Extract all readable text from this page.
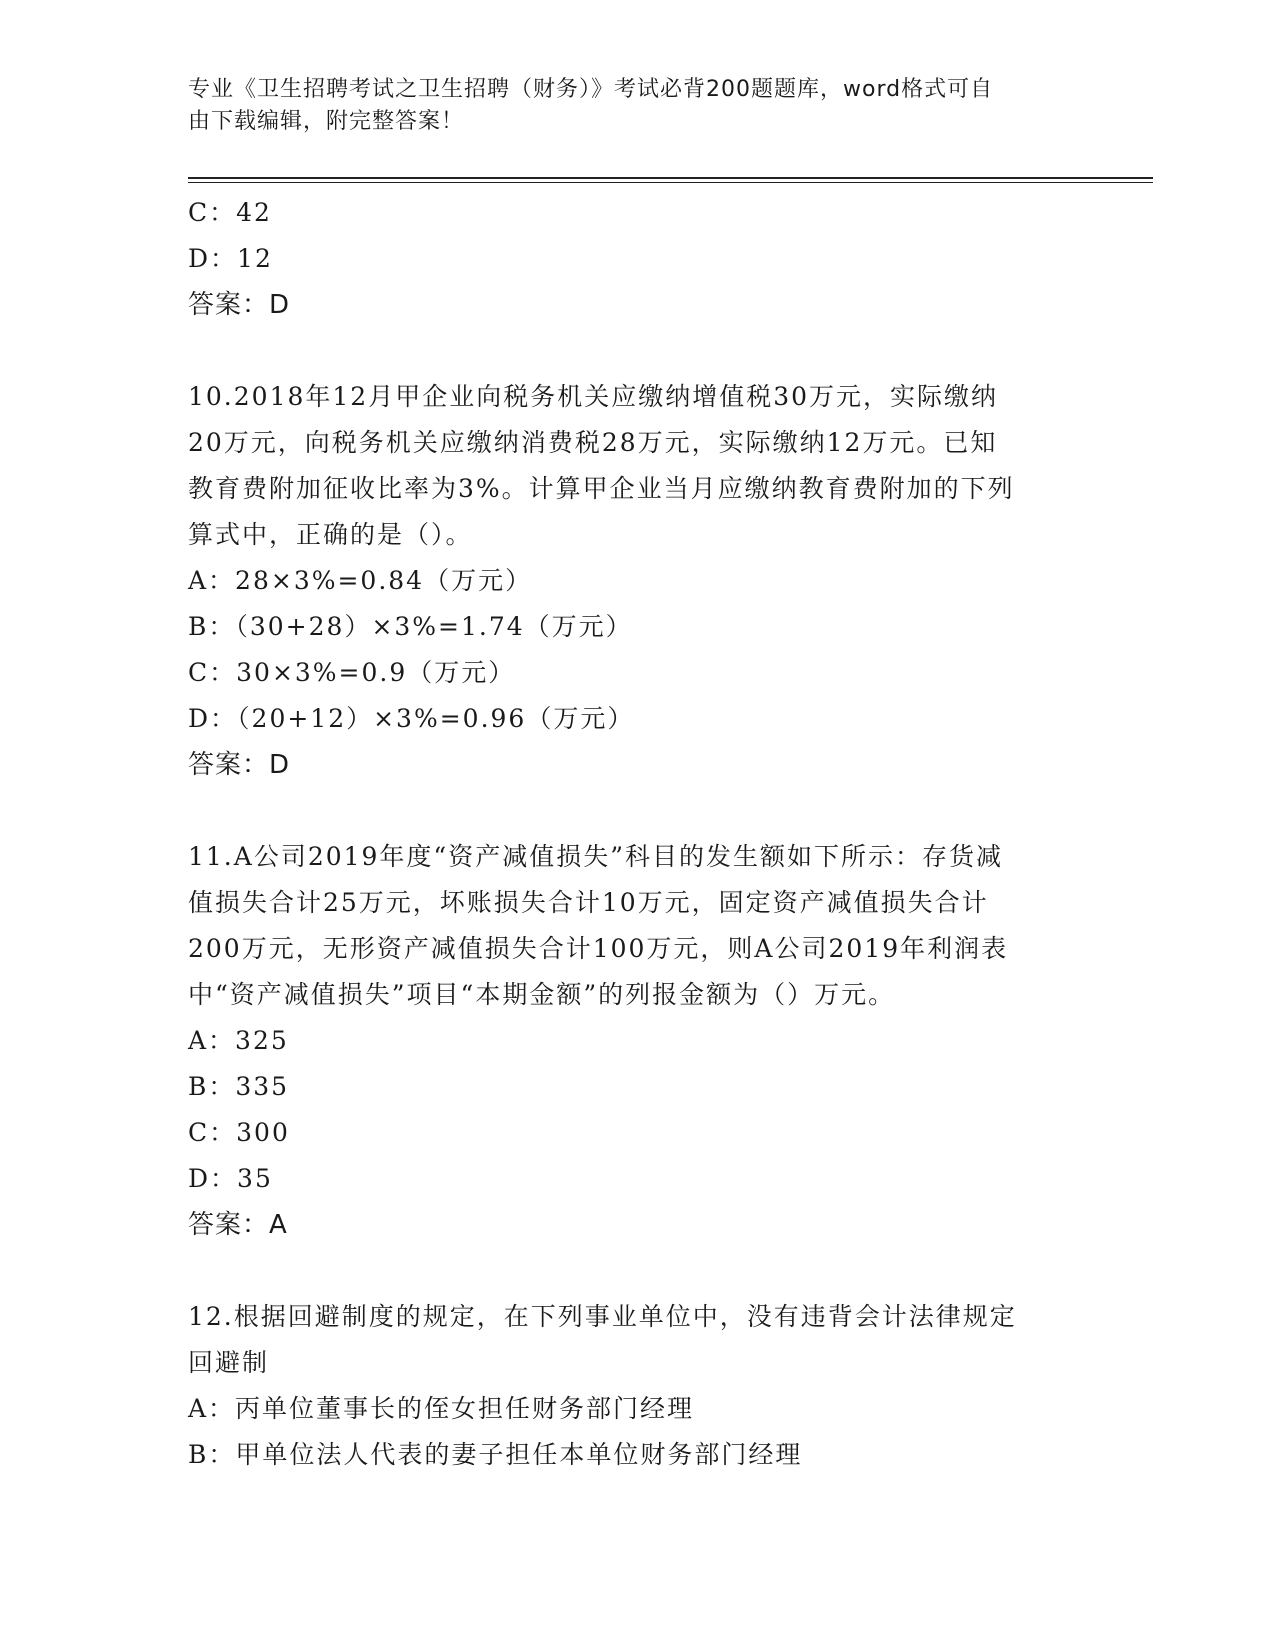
专业《卫生招聘考试之卫生招聘（财务）》考试必背200题题库，word格式可自
由下载编辑，附完整答案！
C：42
D：12
答案：D
10.2018年12月甲企业向税务机关应缴纳增值税30万元，实际缴纳
20万元，向税务机关应缴纳消费税28万元，实际缴纳12万元。已知
教育费附加征收比率为3%。计算甲企业当月应缴纳教育费附加的下列
算式中，正确的是（）。
A：28×3%=0.84（万元）
B：（30+28）×3%=1.74（万元）
C：30×3%=0.9（万元）
D：（20+12）×3%=0.96（万元）
答案：D
11.A公司2019年度“资产减值损失”科目的发生额如下所示：存货减
值损失合计25万元，坏账损失合计10万元，固定资产减值损失合计
200万元，无形资产减值损失合计100万元，则A公司2019年利润表
中“资产减值损失”项目“本期金额”的列报金额为（）万元。
A：325
B：335
C：300
D：35
答案：A
12.根据回避制度的规定，在下列事业单位中，没有违背会计法律规定
回避制
A：丙单位董事长的侄女担任财务部门经理
B：甲单位法人代表的妻子担任本单位财务部门经理
